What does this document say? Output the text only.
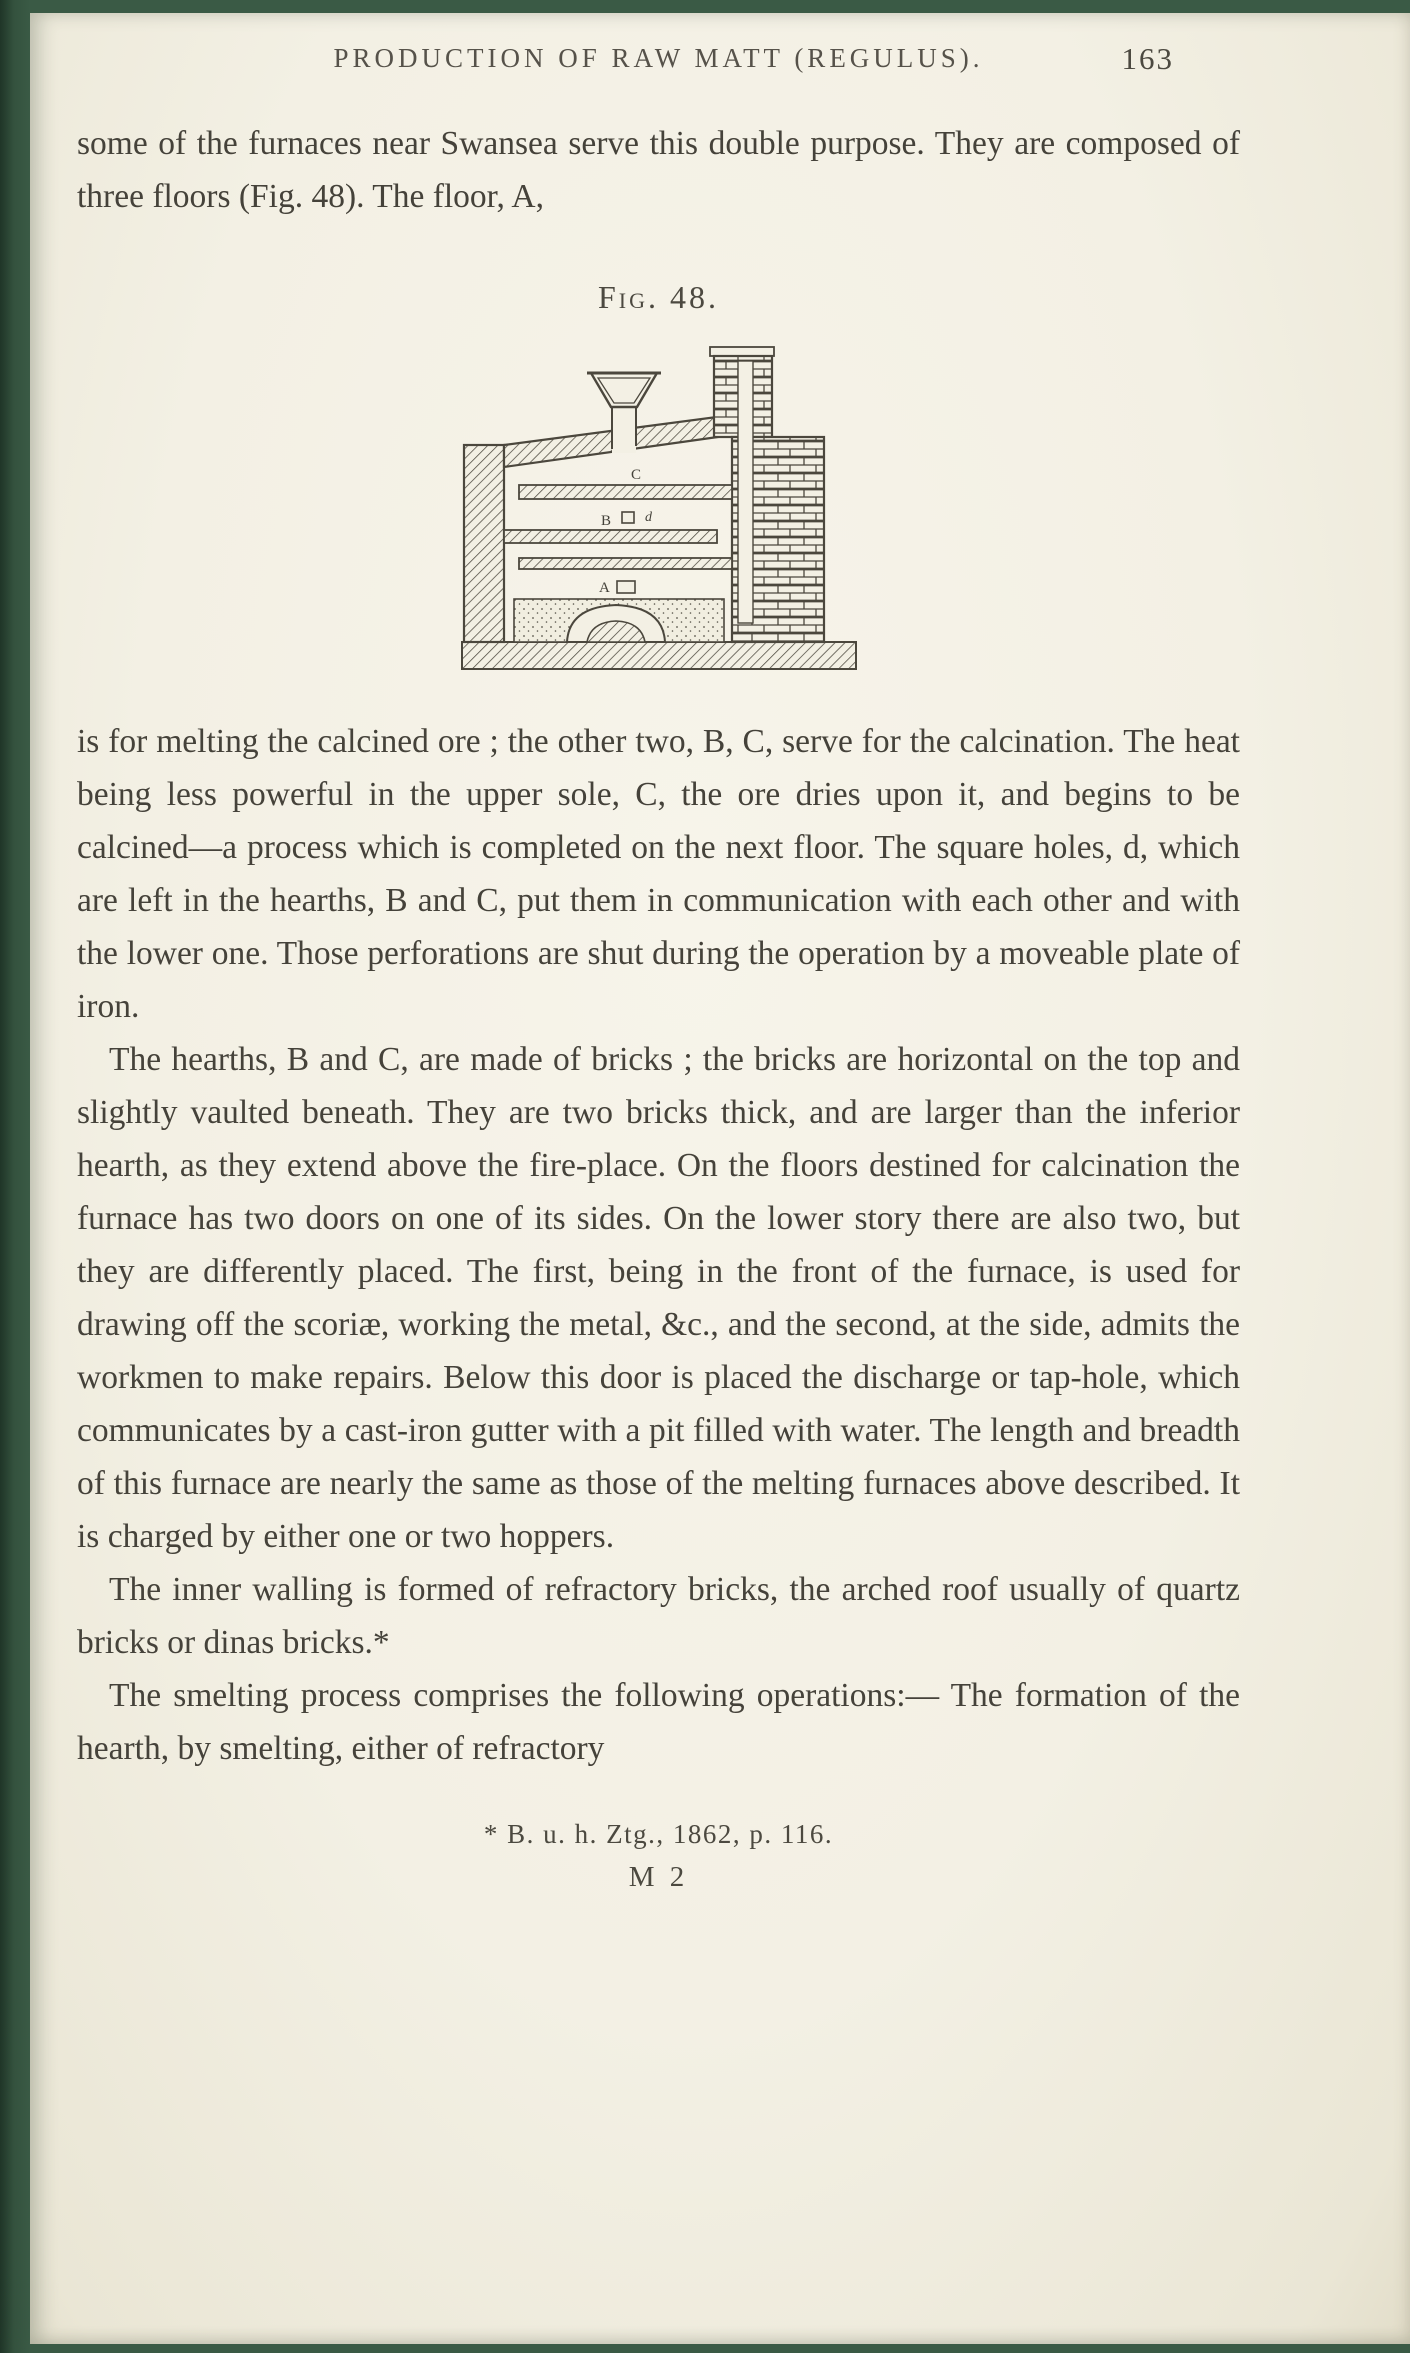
PRODUCTION OF RAW MATT (REGULUS).	163

some of the furnaces near Swansea serve this double purpose. They are composed of three floors (Fig. 48). The floor, A,

Fig. 48.
C
B d
A

is for melting the calcined ore ; the other two, B, C, serve for the calcination. The heat being less powerful in the upper sole, C, the ore dries upon it, and begins to be calcined—a process which is completed on the next floor. The square holes, d, which are left in the hearths, B and C, put them in communication with each other and with the lower one. Those perforations are shut during the operation by a moveable plate of iron.

The hearths, B and C, are made of bricks ; the bricks are horizontal on the top and slightly vaulted beneath. They are two bricks thick, and are larger than the inferior hearth, as they extend above the fire-place. On the floors destined for calcination the furnace has two doors on one of its sides. On the lower story there are also two, but they are differently placed. The first, being in the front of the furnace, is used for drawing off the scoriæ, working the metal, &c., and the second, at the side, admits the workmen to make repairs. Below this door is placed the discharge or tap-hole, which communicates by a cast-iron gutter with a pit filled with water. The length and breadth of this furnace are nearly the same as those of the melting furnaces above described. It is charged by either one or two hoppers.

The inner walling is formed of refractory bricks, the arched roof usually of quartz bricks or dinas bricks.*

The smelting process comprises the following operations:— The formation of the hearth, by smelting, either of refractory

* B. u. h. Ztg., 1862, p. 116.
M 2
